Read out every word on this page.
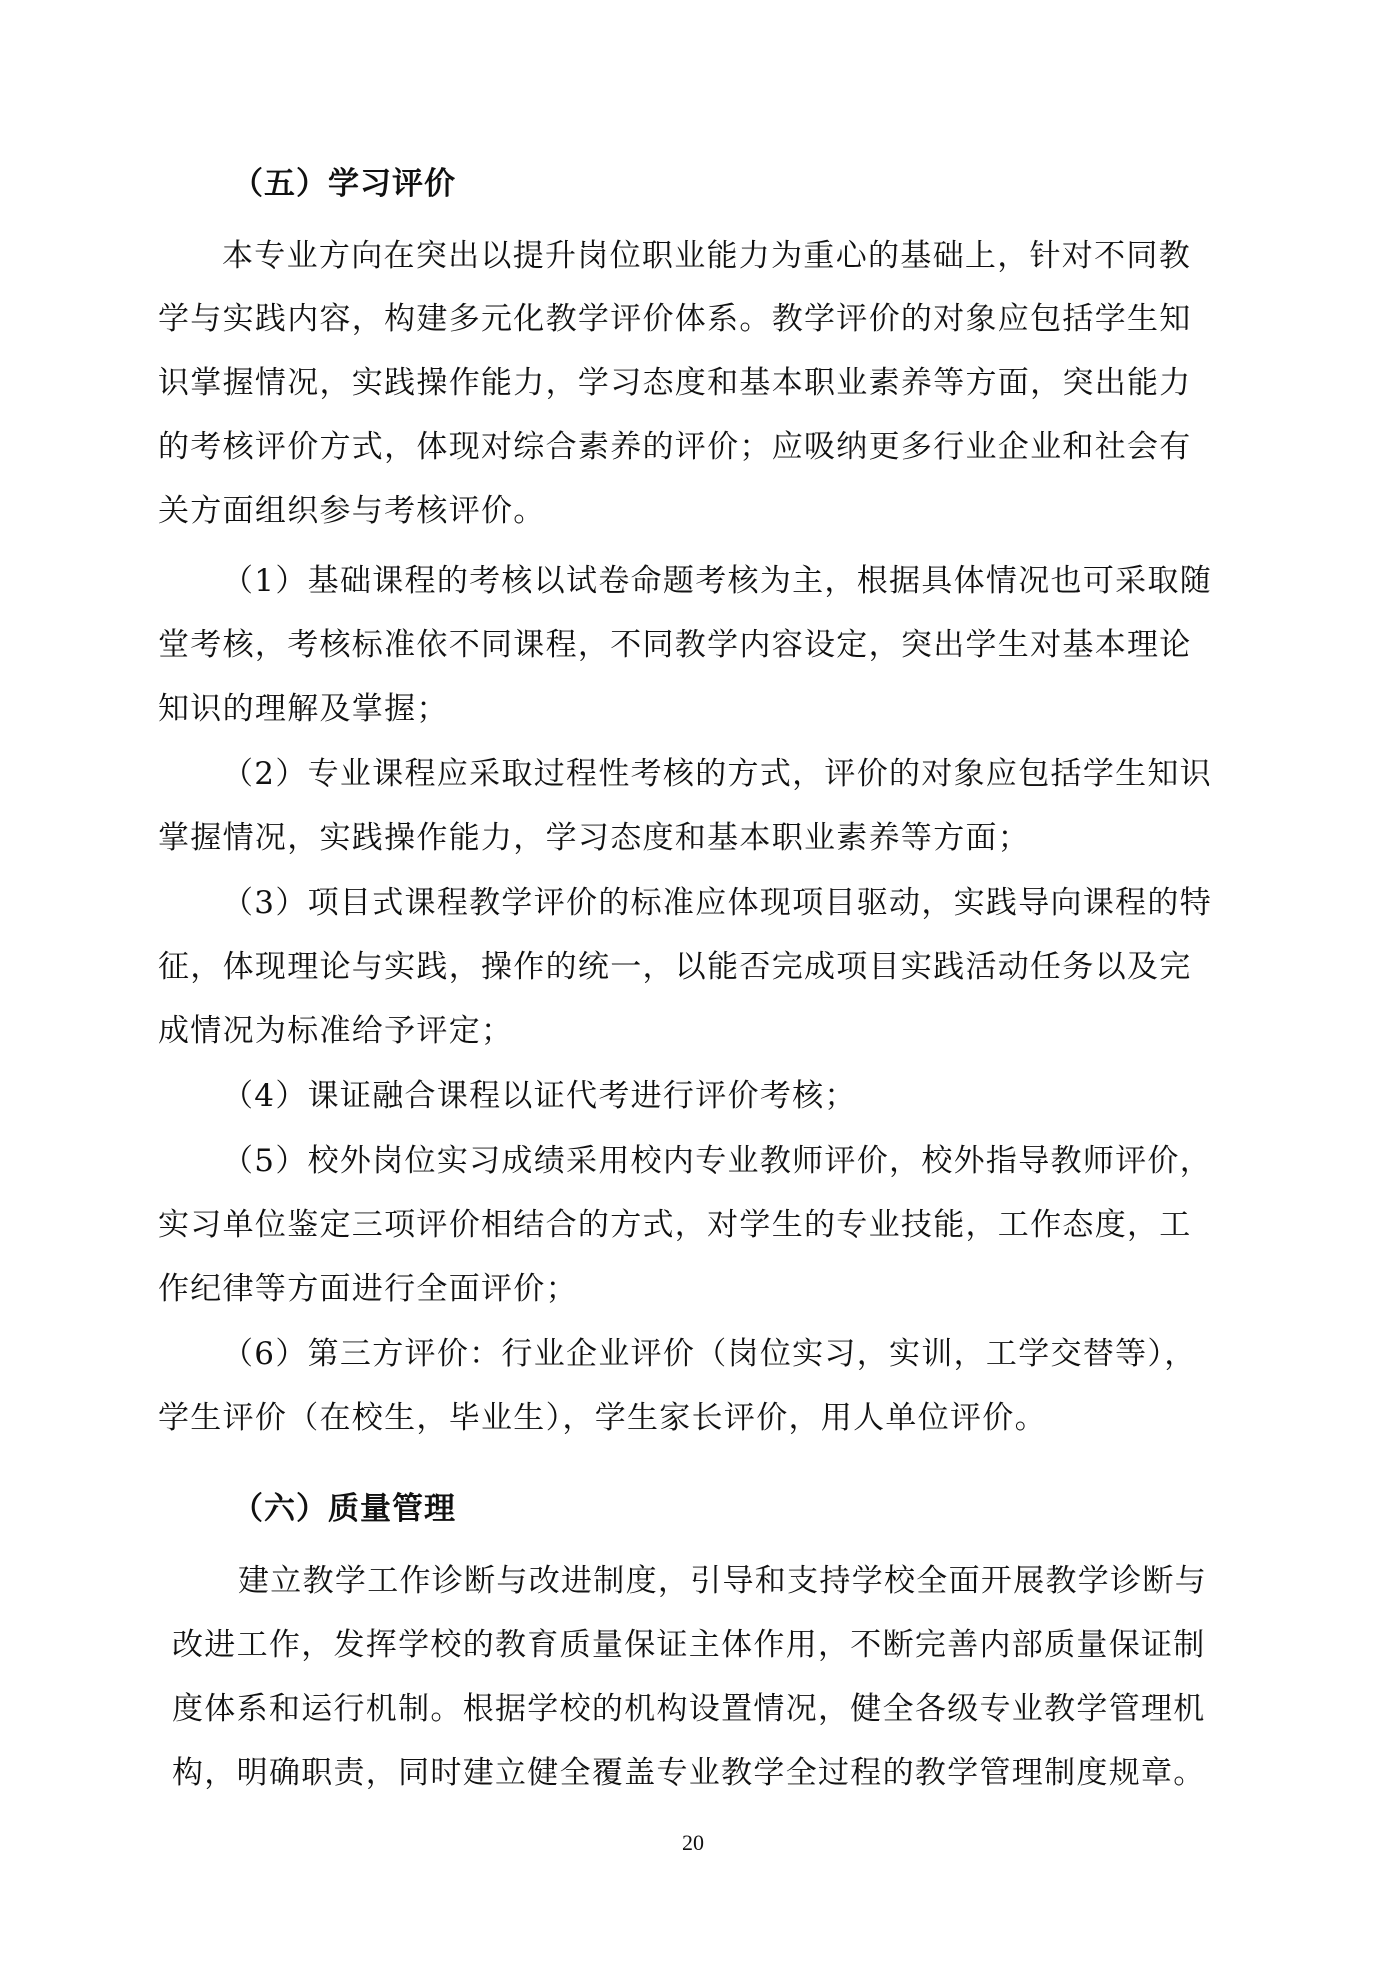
（五）学习评价
本专业方向在突出以提升岗位职业能力为重心的基础上，针对不同教
学与实践内容，构建多元化教学评价体系。教学评价的对象应包括学生知
识掌握情况，实践操作能力，学习态度和基本职业素养等方面，突出能力
的考核评价方式，体现对综合素养的评价；应吸纳更多行业企业和社会有
关方面组织参与考核评价。
（1）基础课程的考核以试卷命题考核为主，根据具体情况也可采取随
堂考核，考核标准依不同课程，不同教学内容设定，突出学生对基本理论
知识的理解及掌握；
（2）专业课程应采取过程性考核的方式，评价的对象应包括学生知识
掌握情况，实践操作能力，学习态度和基本职业素养等方面；
（3）项目式课程教学评价的标准应体现项目驱动，实践导向课程的特
征，体现理论与实践，操作的统一，以能否完成项目实践活动任务以及完
成情况为标准给予评定；
（4）课证融合课程以证代考进行评价考核；
（5）校外岗位实习成绩采用校内专业教师评价，校外指导教师评价，
实习单位鉴定三项评价相结合的方式，对学生的专业技能，工作态度，工
作纪律等方面进行全面评价；
（6）第三方评价：行业企业评价（岗位实习，实训，工学交替等），
学生评价（在校生，毕业生），学生家长评价，用人单位评价。
（六）质量管理
建立教学工作诊断与改进制度，引导和支持学校全面开展教学诊断与
改进工作，发挥学校的教育质量保证主体作用，不断完善内部质量保证制
度体系和运行机制。根据学校的机构设置情况，健全各级专业教学管理机
构，明确职责，同时建立健全覆盖专业教学全过程的教学管理制度规章。
20
